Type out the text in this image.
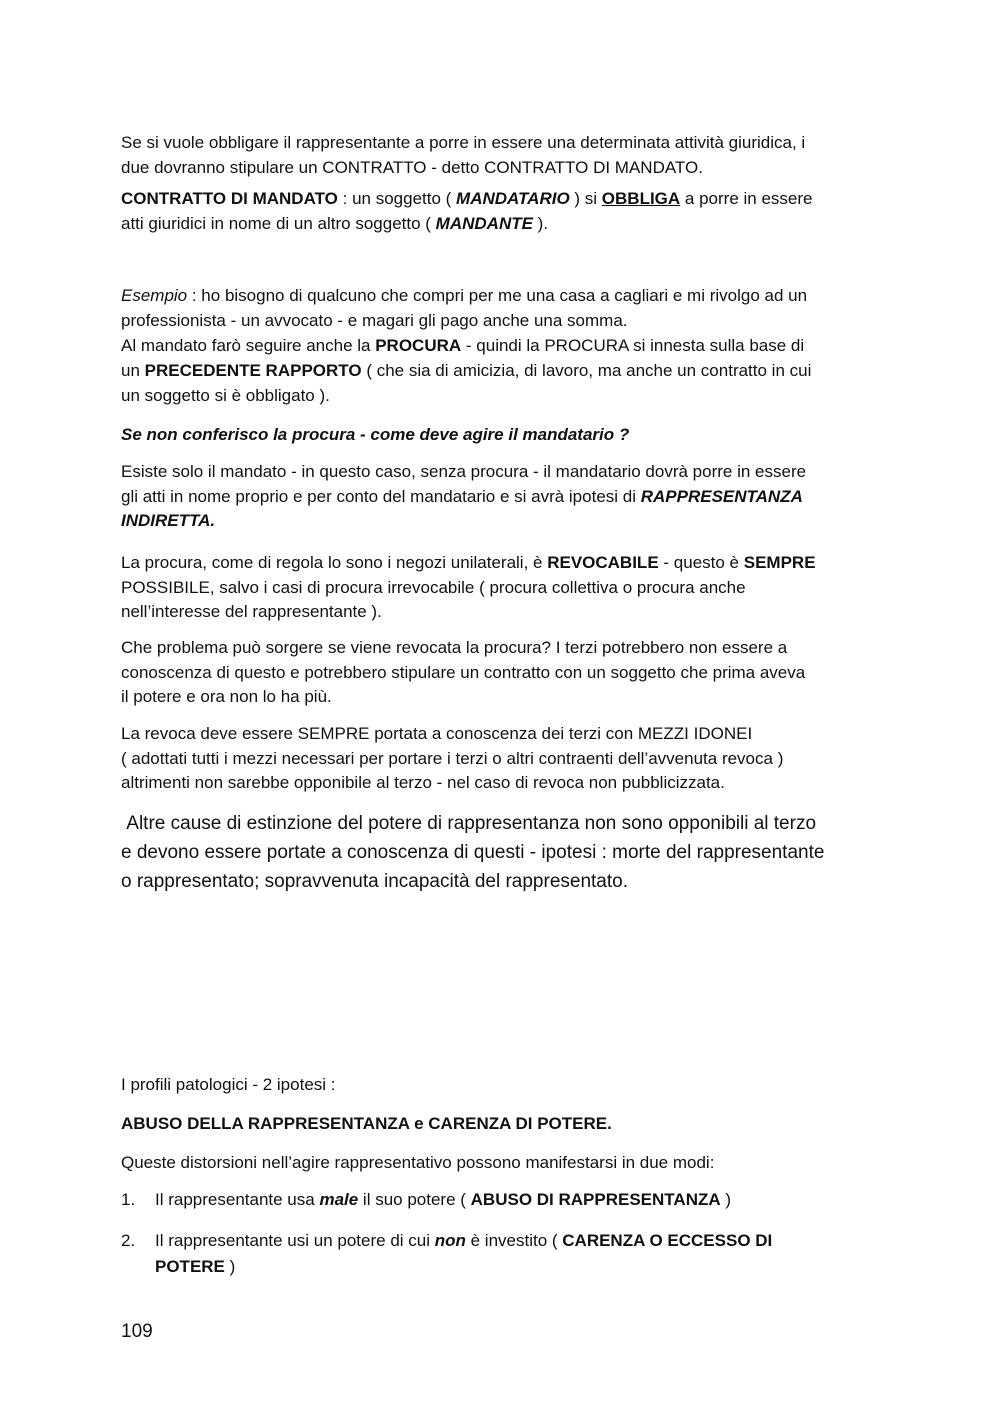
Se si vuole obbligare il rappresentante a porre in essere una determinata attività giuridica, i
due dovranno stipulare un CONTRATTO - detto CONTRATTO DI MANDATO.
CONTRATTO DI MANDATO : un soggetto ( MANDATARIO ) si OBBLIGA a porre in essere
atti giuridici in nome di un altro soggetto ( MANDANTE ).
Esempio : ho bisogno di qualcuno che compri per me una casa a cagliari e mi rivolgo ad un
professionista - un avvocato - e magari gli pago anche una somma.
Al mandato farò seguire anche la PROCURA - quindi la PROCURA si innesta sulla base di
un PRECEDENTE RAPPORTO ( che sia di amicizia, di lavoro, ma anche un contratto in cui
un soggetto si è obbligato ).
Se non conferisco la procura - come deve agire il mandatario ?
Esiste solo il mandato - in questo caso, senza procura - il mandatario dovrà porre in essere
gli atti in nome proprio e per conto del mandatario e si avrà ipotesi di RAPPRESENTANZA
INDIRETTA.
La procura, come di regola lo sono i negozi unilaterali, è REVOCABILE - questo è SEMPRE
POSSIBILE, salvo i casi di procura irrevocabile ( procura collettiva o procura anche
nell’interesse del rappresentante ).
Che problema può sorgere se viene revocata la procura? I terzi potrebbero non essere a
conoscenza di questo e potrebbero stipulare un contratto con un soggetto che prima aveva
il potere e ora non lo ha più.
La revoca deve essere SEMPRE portata a conoscenza dei terzi con MEZZI IDONEI
( adottati tutti i mezzi necessari per portare i terzi o altri contraenti dell’avvenuta revoca )
altrimenti non sarebbe opponibile al terzo - nel caso di revoca non pubblicizzata.
Altre cause di estinzione del potere di rappresentanza non sono opponibili al terzo
e devono essere portate a conoscenza di questi - ipotesi : morte del rappresentante
o rappresentato; sopravvenuta incapacità del rappresentato.
I profili patologici - 2 ipotesi :
ABUSO DELLA RAPPRESENTANZA e CARENZA DI POTERE.
Queste distorsioni nell’agire rappresentativo possono manifestarsi in due modi:
1. Il rappresentante usa male il suo potere ( ABUSO DI RAPPRESENTANZA )
2. Il rappresentante usi un potere di cui non è investito ( CARENZA O ECCESSO DI
POTERE )
109
